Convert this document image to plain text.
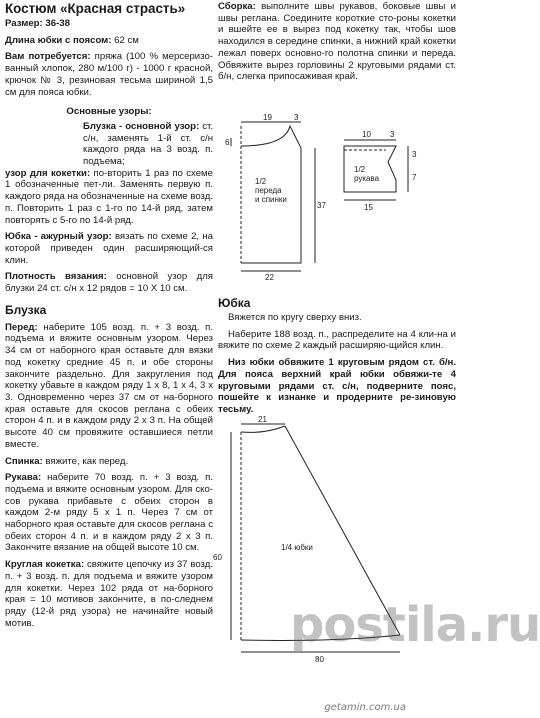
Костюм «Красная страсть»

Размер: 36-38

Длина юбки с поясом: 62 см

Вам потребуется: пряжа (100 % мерсеризо-ванный хлопок, 280 м/100 г) - 1000 г красной, крючок № 3, резиновая тесьма шириной 1,5 см для пояса юбки.

Основные узоры:

Блузка - основной узор: ст. с/н, заменять 1-й ст. с/н каждого ряда на 3 возд. п. подъема;

узор для кокетки: по-вторить 1 раз по схеме 1 обозначенные пет-ли. Заменять первую п. каждого ряда на обозначенные на схеме возд. п. Повторить 1 раз с 1-го по 14-й ряд, затем повторять с 5-го по 14-й ряд.

Юбка - ажурный узор: вязать по схеме 2, на которой приведен один расширяющий-ся клин.

Плотность вязания: основной узор для блузки 24 ст. с/н х 12 рядов = 10 Х 10 см.

Блузка

Перед: наберите 105 возд. п. + 3 возд. п. подъема и вяжите основным узором. Через 34 см от наборного края оставьте для вязки под кокетку средние 45 п. и обе стороны закончите раздельно. Для закругления под кокетку убавьте в каждом ряду 1 х 8, 1 х 4, 3 х 3. Одновременно через 37 см от на-борного края оставьте для скосов реглана с обеих сторон 4 п. и в каждом ряду 2 х 3 п. На общей высоте 40 см провяжите оставшиеся петли вместе.

Спинка: вяжите, как перед.

Рукава: наберите 70 возд. п. + 3 возд. п. подъема и вяжите основным узором. Для ско-сов рукава прибавьте с обеих сторон в каждом 2-м ряду 5 х 1 п. Через 7 см от наборного края оставьте для скосов реглана с обеих сторон 4 п. и в каждом ряду 2 х 3 п. Закончите вязание на общей высоте 10 см.

Круглая кокетка: свяжите цепочку из 37 возд. п. + 3 возд. п. для подъема и вяжите узором для кокетки. Через 102 ряда от на-борного края = 10 мотивов закончите, в по-следнем ряду (12-й ряд узора) не начинайте новый мотив.

Сборка: выполните швы рукавов, боковые швы и швы реглана. Соедините короткие сто-роны кокетки и вшейте ее в вырез под кокетку так, чтобы шов находился в середине спинки, а нижний край кокетки лежал поверх основно-го полотна спинки и переда. Обвяжите вырез горловины 2 круговыми рядами ст. б/н, слегка припосаживая край.

19	3
6
1/2
переда
и спинки
37
22
10 3
3
1/2
рукава	7
15

Юбка

Вяжется по кругу сверху вниз.

Наберите 188 возд. п., распределите на 4 кли-на и вяжите по схеме 2 каждый расширяю-щийся клин.

Низ юбки обвяжите 1 круговым рядом ст. б/н. Для пояса верхний край юбки обвяжи-те 4 круговыми рядами ст. с/н, подверните пояс, пошейте к изнанке и продерните ре-зиновую тесьму.

21
1/4 юбки
60
80
postila.ru
getamin.com.ua
